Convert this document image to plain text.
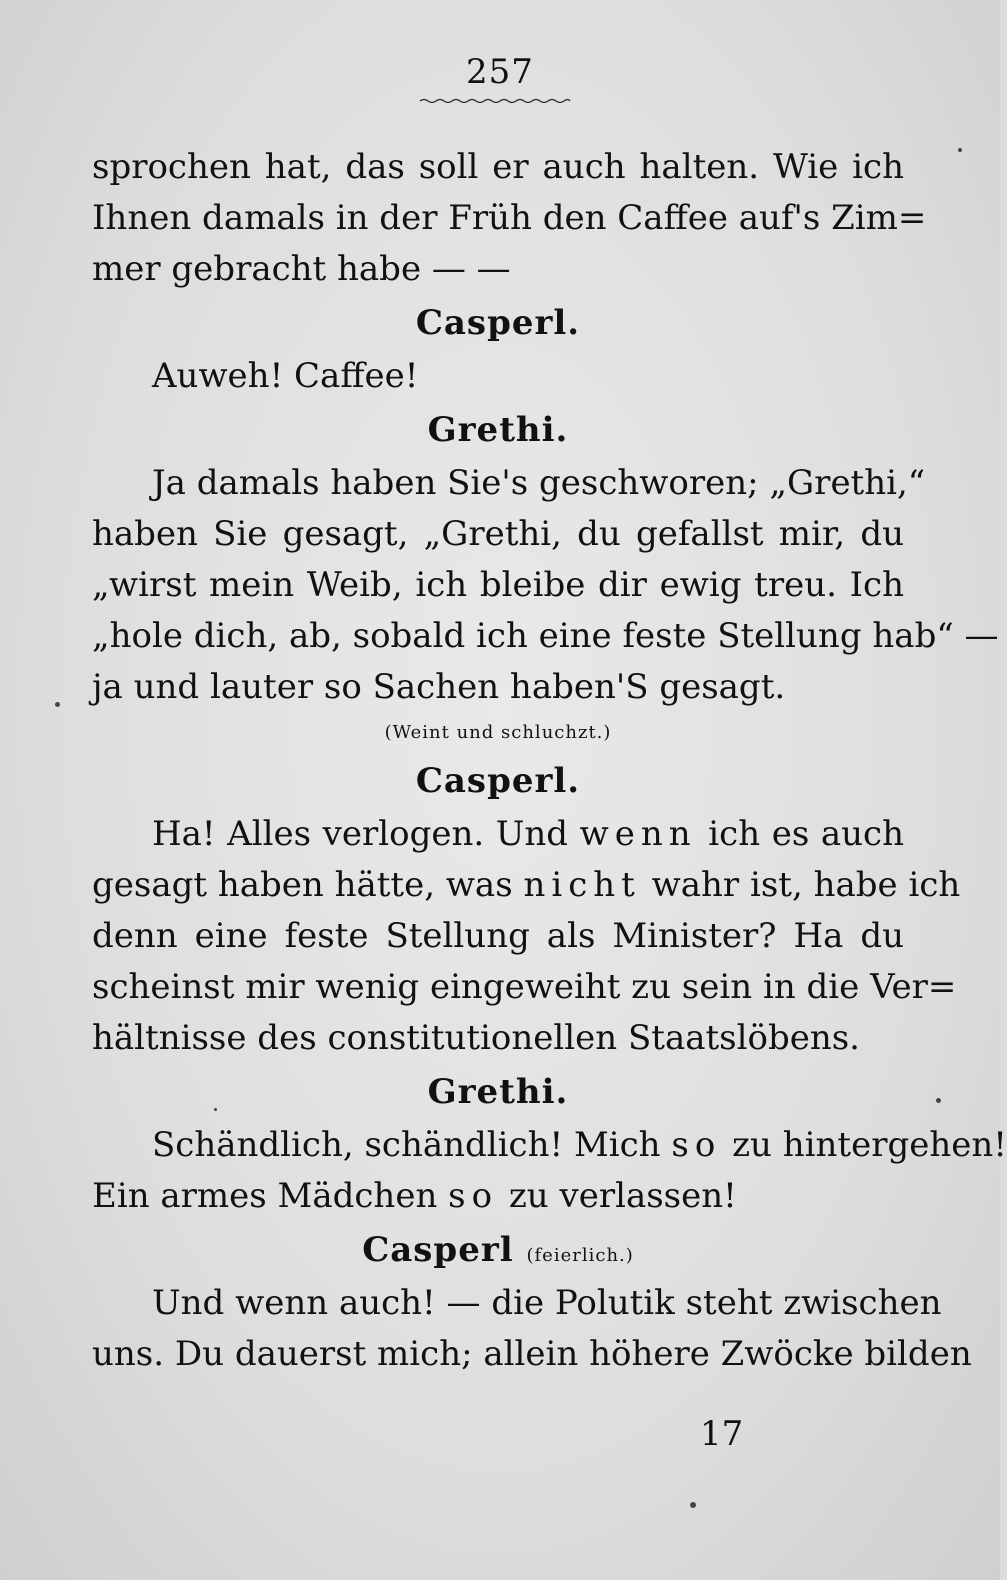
257
sprochen hat, das soll er auch halten. Wie ich
Ihnen damals in der Früh den Caffee auf's Zim=
mer gebracht habe — —
Casperl.
Auweh! Caffee!
Grethi.
Ja damals haben Sie's geschworen; „Grethi,“
haben Sie gesagt, „Grethi, du gefallst mir, du
„wirst mein Weib, ich bleibe dir ewig treu. Ich
„hole dich, ab, sobald ich eine feste Stellung hab“ —
ja und lauter so Sachen haben'S gesagt.
(Weint und schluchzt.)
Casperl.
Ha! Alles verlogen. Und wenn ich es auch
gesagt haben hätte, was nicht wahr ist, habe ich
denn eine feste Stellung als Minister? Ha du
scheinst mir wenig eingeweiht zu sein in die Ver=
hältnisse des constitutionellen Staatslöbens.
Grethi.
Schändlich, schändlich! Mich so zu hintergehen!
Ein armes Mädchen so zu verlassen!
Casperl (feierlich.)
Und wenn auch! — die Polutik steht zwischen
uns. Du dauerst mich; allein höhere Zwöcke bilden
17
